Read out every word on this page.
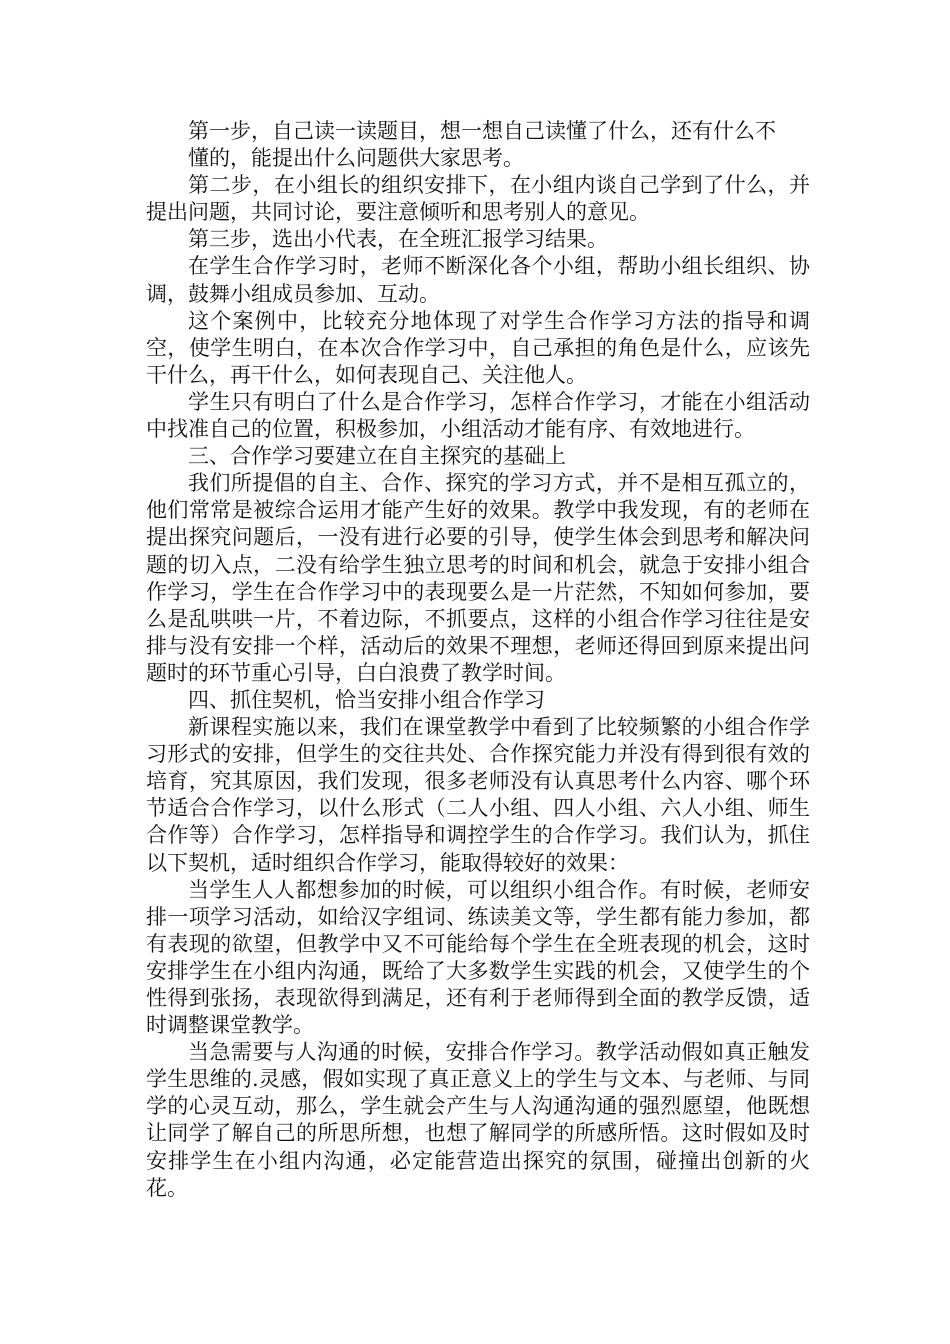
第一步，自己读一读题目，想一想自己读懂了什么，还有什么不
懂的，能提出什么问题供大家思考。

第二步，在小组长的组织安排下，在小组内谈自己学到了什么，并提出问题，共同讨论，要注意倾听和思考别人的意见。

第三步，选出小代表，在全班汇报学习结果。

在学生合作学习时，老师不断深化各个小组，帮助小组长组织、协调，鼓舞小组成员参加、互动。

这个案例中，比较充分地体现了对学生合作学习方法的指导和调空，使学生明白，在本次合作学习中，自己承担的角色是什么，应该先干什么，再干什么，如何表现自己、关注他人。

学生只有明白了什么是合作学习，怎样合作学习，才能在小组活动中找准自己的位置，积极参加，小组活动才能有序、有效地进行。

三、合作学习要建立在自主探究的基础上

我们所提倡的自主、合作、探究的学习方式，并不是相互孤立的，他们常常是被综合运用才能产生好的效果。教学中我发现，有的老师在提出探究问题后，一没有进行必要的引导，使学生体会到思考和解决问题的切入点，二没有给学生独立思考的时间和机会，就急于安排小组合作学习，学生在合作学习中的表现要么是一片茫然，不知如何参加，要么是乱哄哄一片，不着边际，不抓要点，这样的小组合作学习往往是安排与没有安排一个样，活动后的效果不理想，老师还得回到原来提出问题时的环节重心引导，白白浪费了教学时间。

四、抓住契机，恰当安排小组合作学习

新课程实施以来，我们在课堂教学中看到了比较频繁的小组合作学习形式的安排，但学生的交往共处、合作探究能力并没有得到很有效的培育，究其原因，我们发现，很多老师没有认真思考什么内容、哪个环节适合合作学习，以什么形式（二人小组、四人小组、六人小组、师生合作等）合作学习，怎样指导和调控学生的合作学习。我们认为，抓住以下契机，适时组织合作学习，能取得较好的效果：

当学生人人都想参加的时候，可以组织小组合作。有时候，老师安排一项学习活动，如给汉字组词、练读美文等，学生都有能力参加，都有表现的欲望，但教学中又不可能给每个学生在全班表现的机会，这时安排学生在小组内沟通，既给了大多数学生实践的机会，又使学生的个性得到张扬，表现欲得到满足，还有利于老师得到全面的教学反馈，适时调整课堂教学。

当急需要与人沟通的时候，安排合作学习。教学活动假如真正触发学生思维的.灵感，假如实现了真正意义上的学生与文本、与老师、与同学的心灵互动，那么，学生就会产生与人沟通沟通的强烈愿望，他既想让同学了解自己的所思所想，也想了解同学的所感所悟。这时假如及时安排学生在小组内沟通，必定能营造出探究的氛围，碰撞出创新的火花。
